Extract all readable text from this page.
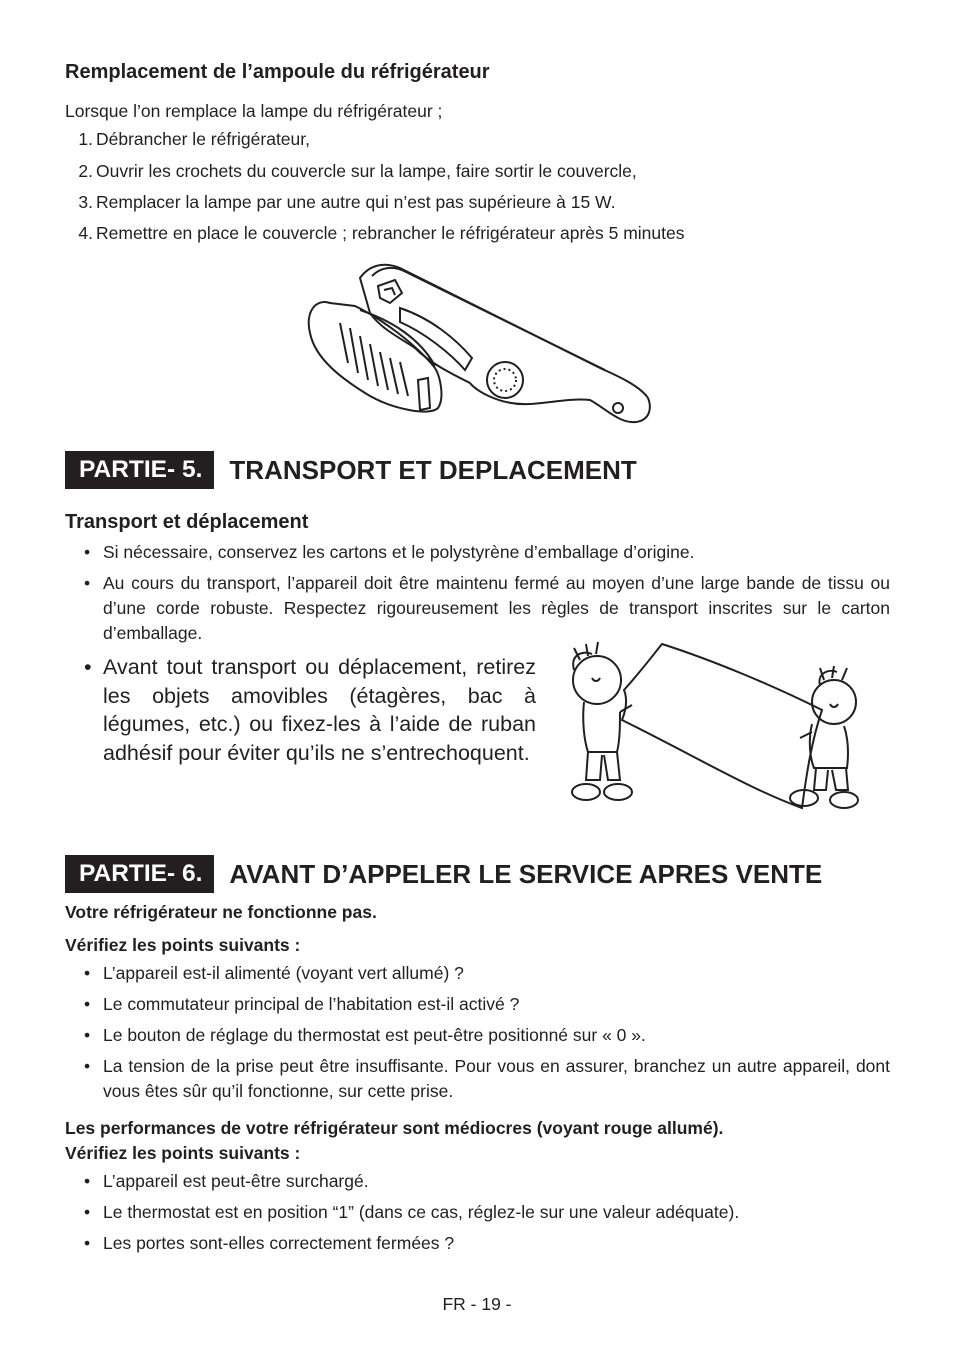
Remplacement de l’ampoule du réfrigérateur
Lorsque l’on remplace la lampe du réfrigérateur ;
1. Débrancher le réfrigérateur,
2. Ouvrir les crochets du couvercle sur la lampe, faire sortir le couvercle,
3. Remplacer la lampe par une autre qui n’est pas supérieure à 15 W.
4. Remettre en place le couvercle ; rebrancher le réfrigérateur après 5 minutes
PARTIE- 5.	TRANSPORT ET DEPLACEMENT
Transport et déplacement
• Si nécessaire, conservez les cartons et le polystyrène d’emballage d’origine.
• Au cours du transport, l’appareil doit être maintenu fermé au moyen d’une large bande de tissu ou d’une corde robuste. Respectez rigoureusement les règles de transport inscrites sur le carton d’emballage.
• Avant tout transport ou déplacement, retirez les objets amovibles (étagères, bac à légumes, etc.) ou fixez-les à l’aide de ruban adhésif pour éviter qu’ils ne s’entrechoquent.
PARTIE- 6.	AVANT D’APPELER LE SERVICE APRES VENTE
Votre réfrigérateur ne fonctionne pas.
Vérifiez les points suivants :
• L’appareil est-il alimenté (voyant vert allumé) ?
• Le commutateur principal de l’habitation est-il activé ?
• Le bouton de réglage du thermostat est peut-être positionné sur « 0 ».
• La tension de la prise peut être insuffisante. Pour vous en assurer, branchez un autre appareil, dont vous êtes sûr qu’il fonctionne, sur cette prise.
Les performances de votre réfrigérateur sont médiocres (voyant rouge allumé).
Vérifiez les points suivants :
• L’appareil est peut-être surchargé.
• Le thermostat est en position “1” (dans ce cas, réglez-le sur une valeur adéquate).
• Les portes sont-elles correctement fermées ?
FR - 19 -
